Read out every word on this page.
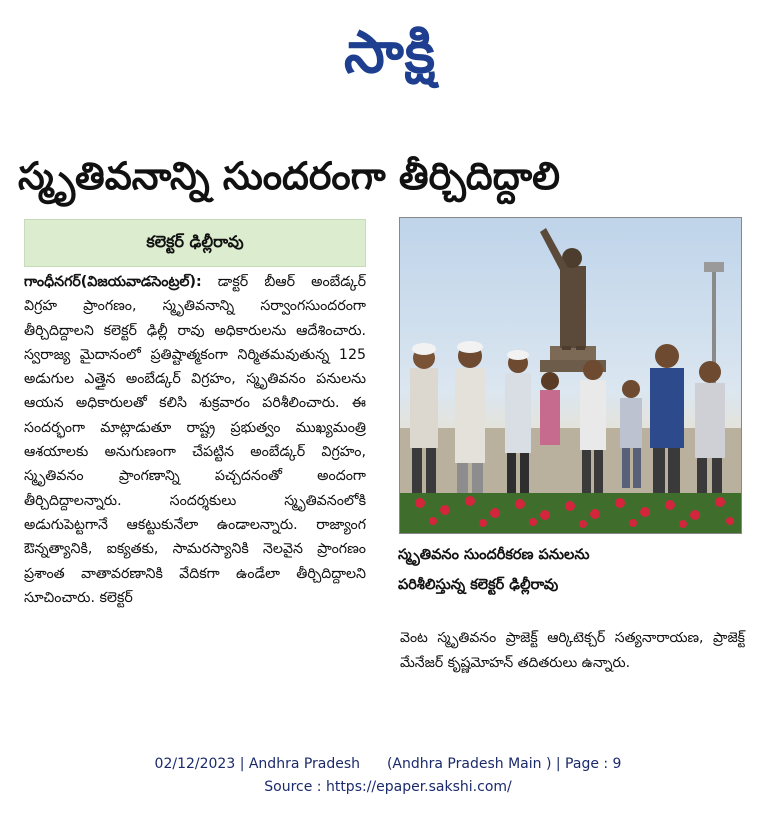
సాక్షి
స్మృతివనాన్ని సుందరంగా తీర్చిదిద్దాలి
కలెక్టర్ ఢిల్లీరావు
గాంధీనగర్(విజయవాడసెంట్రల్): డాక్టర్ బీఆర్ అంబేడ్కర్ విగ్రహ ప్రాంగణం, స్మృతివనాన్ని సర్వాంగసుందరంగా తీర్చిదిద్దాలని కలెక్టర్ ఢిల్లీ రావు అధికారులను ఆదేశించారు. స్వరాజ్య మైదానంలో ప్రతిష్టాత్మకంగా నిర్మితమవుతున్న 125 అడుగుల ఎత్తైన అంబేడ్కర్ విగ్రహం, స్మృతివనం పనులను ఆయన అధికారులతో కలిసి శుక్రవారం పరిశీలించారు. ఈ సందర్భంగా మాట్లాడుతూ రాష్ట్ర ప్రభుత్వం ముఖ్యమంత్రి ఆశయాలకు అనుగుణంగా చేపట్టిన అంబేడ్కర్ విగ్రహం, స్మృతివనం ప్రాంగణాన్ని పచ్చదనంతో అందంగా తీర్చిదిద్దాలన్నారు. సందర్శకులు స్మృతివనంలోకి అడుగుపెట్టగానే ఆకట్టుకునేలా ఉండాలన్నారు. రాజ్యాంగ ఔన్నత్యానికి, ఐక్యతకు, సామరస్యానికి నెలవైన ప్రాంగణం ప్రశాంత వాతావరణానికి వేదికగా ఉండేలా తీర్చిదిద్దాలని సూచించారు. కలెక్టర్
స్మృతివనం సుందరీకరణ పనులను
పరిశీలిస్తున్న కలెక్టర్ ఢిల్లీరావు
వెంట స్మృతివనం ప్రాజెక్ట్ ఆర్కిటెక్చర్ సత్యనారాయణ, ప్రాజెక్ట్ మేనేజర్ కృష్ణమోహన్ తదితరులు ఉన్నారు.
02/12/2023 | Andhra Pradesh (Andhra Pradesh Main ) | Page : 9
Source : https://epaper.sakshi.com/
